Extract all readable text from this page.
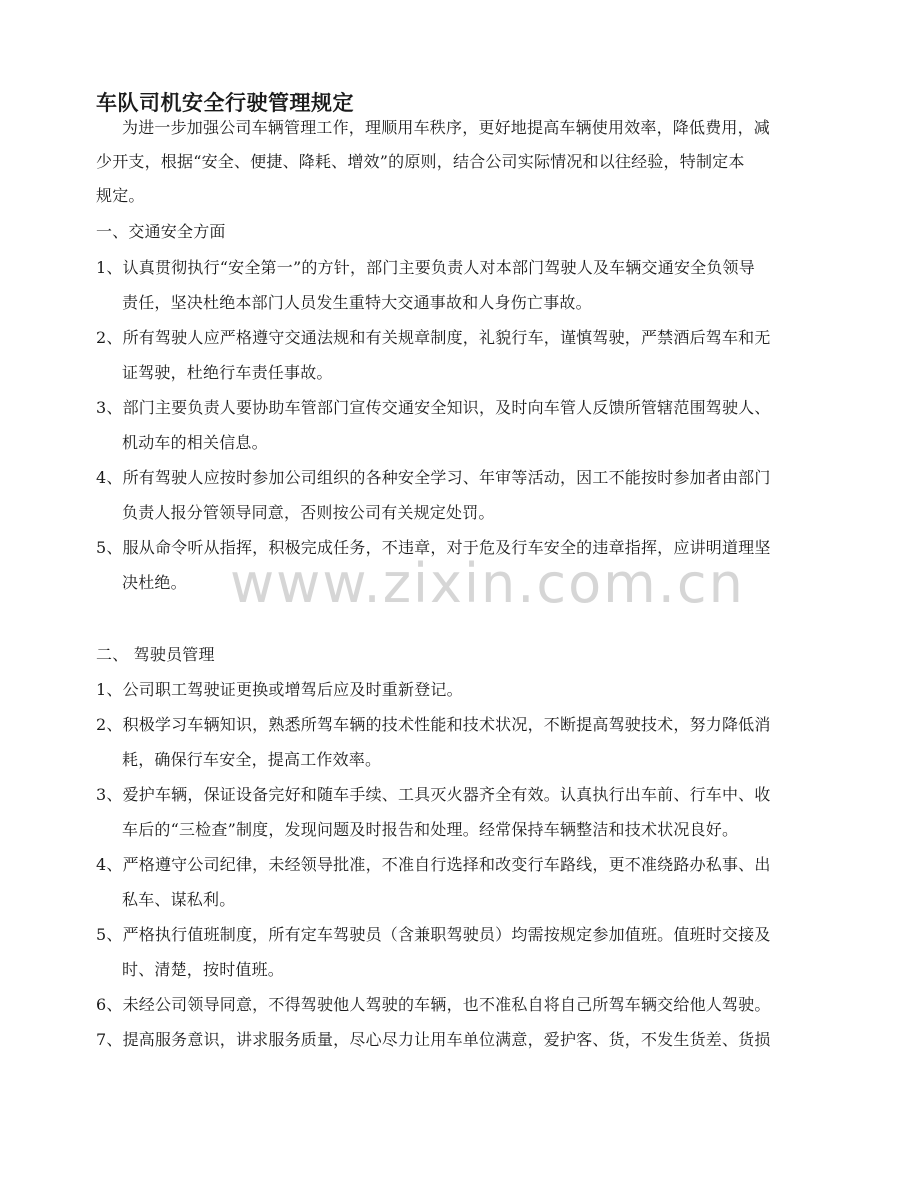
车队司机安全行驶管理规定
为进一步加强公司车辆管理工作，理顺用车秩序，更好地提高车辆使用效率，降低费用，减
少开支，根据“安全、便捷、降耗、增效”的原则，结合公司实际情况和以往经验，特制定本
规定。
一、交通安全方面
1、认真贯彻执行“安全第一”的方针，部门主要负责人对本部门驾驶人及车辆交通安全负领导
责任，坚决杜绝本部门人员发生重特大交通事故和人身伤亡事故。
2、所有驾驶人应严格遵守交通法规和有关规章制度，礼貌行车，谨慎驾驶，严禁酒后驾车和无
证驾驶，杜绝行车责任事故。
3、部门主要负责人要协助车管部门宣传交通安全知识，及时向车管人反馈所管辖范围驾驶人、
机动车的相关信息。
4、所有驾驶人应按时参加公司组织的各种安全学习、年审等活动，因工不能按时参加者由部门
负责人报分管领导同意，否则按公司有关规定处罚。
5、服从命令听从指挥，积极完成任务，不违章，对于危及行车安全的违章指挥，应讲明道理坚
决杜绝。 www.zixin.com.cn
二、 驾驶员管理
1、公司职工驾驶证更换或增驾后应及时重新登记。
2、积极学习车辆知识，熟悉所驾车辆的技术性能和技术状况，不断提高驾驶技术，努力降低消
耗，确保行车安全，提高工作效率。
3、爱护车辆，保证设备完好和随车手续、工具灭火器齐全有效。认真执行出车前、行车中、收
车后的“三检查”制度，发现问题及时报告和处理。经常保持车辆整洁和技术状况良好。
4、严格遵守公司纪律，未经领导批准，不准自行选择和改变行车路线，更不准绕路办私事、出
私车、谋私利。
5、严格执行值班制度，所有定车驾驶员（含兼职驾驶员）均需按规定参加值班。值班时交接及
时、清楚，按时值班。
6、未经公司领导同意，不得驾驶他人驾驶的车辆，也不准私自将自己所驾车辆交给他人驾驶。
7、提高服务意识，讲求服务质量，尽心尽力让用车单位满意，爱护客、货，不发生货差、货损
